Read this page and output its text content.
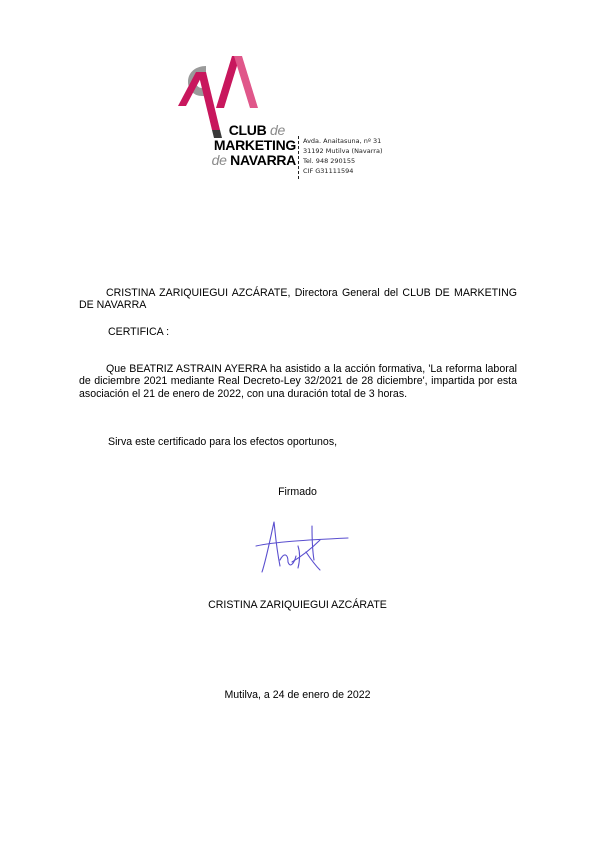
CLUB de
MARKETING
de NAVARRA
Avda. Anaitasuna, nº 31
31192 Mutilva (Navarra)
Tel. 948 290155
CIF G31111594

CRISTINA ZARIQUIEGUI AZCÁRATE, Directora General del CLUB DE MARKETING DE NAVARRA

CERTIFICA :

Que BEATRIZ ASTRAIN AYERRA ha asistido a la acción formativa, 'La reforma laboral de diciembre 2021 mediante Real Decreto-Ley 32/2021 de 28 diciembre', impartida por esta asociación el 21 de enero de 2022, con una duración total de 3 horas.

Sirva este certificado para los efectos oportunos,

Firmado
CRISTINA ZARIQUIEGUI AZCÁRATE
Mutilva, a 24 de enero de 2022
